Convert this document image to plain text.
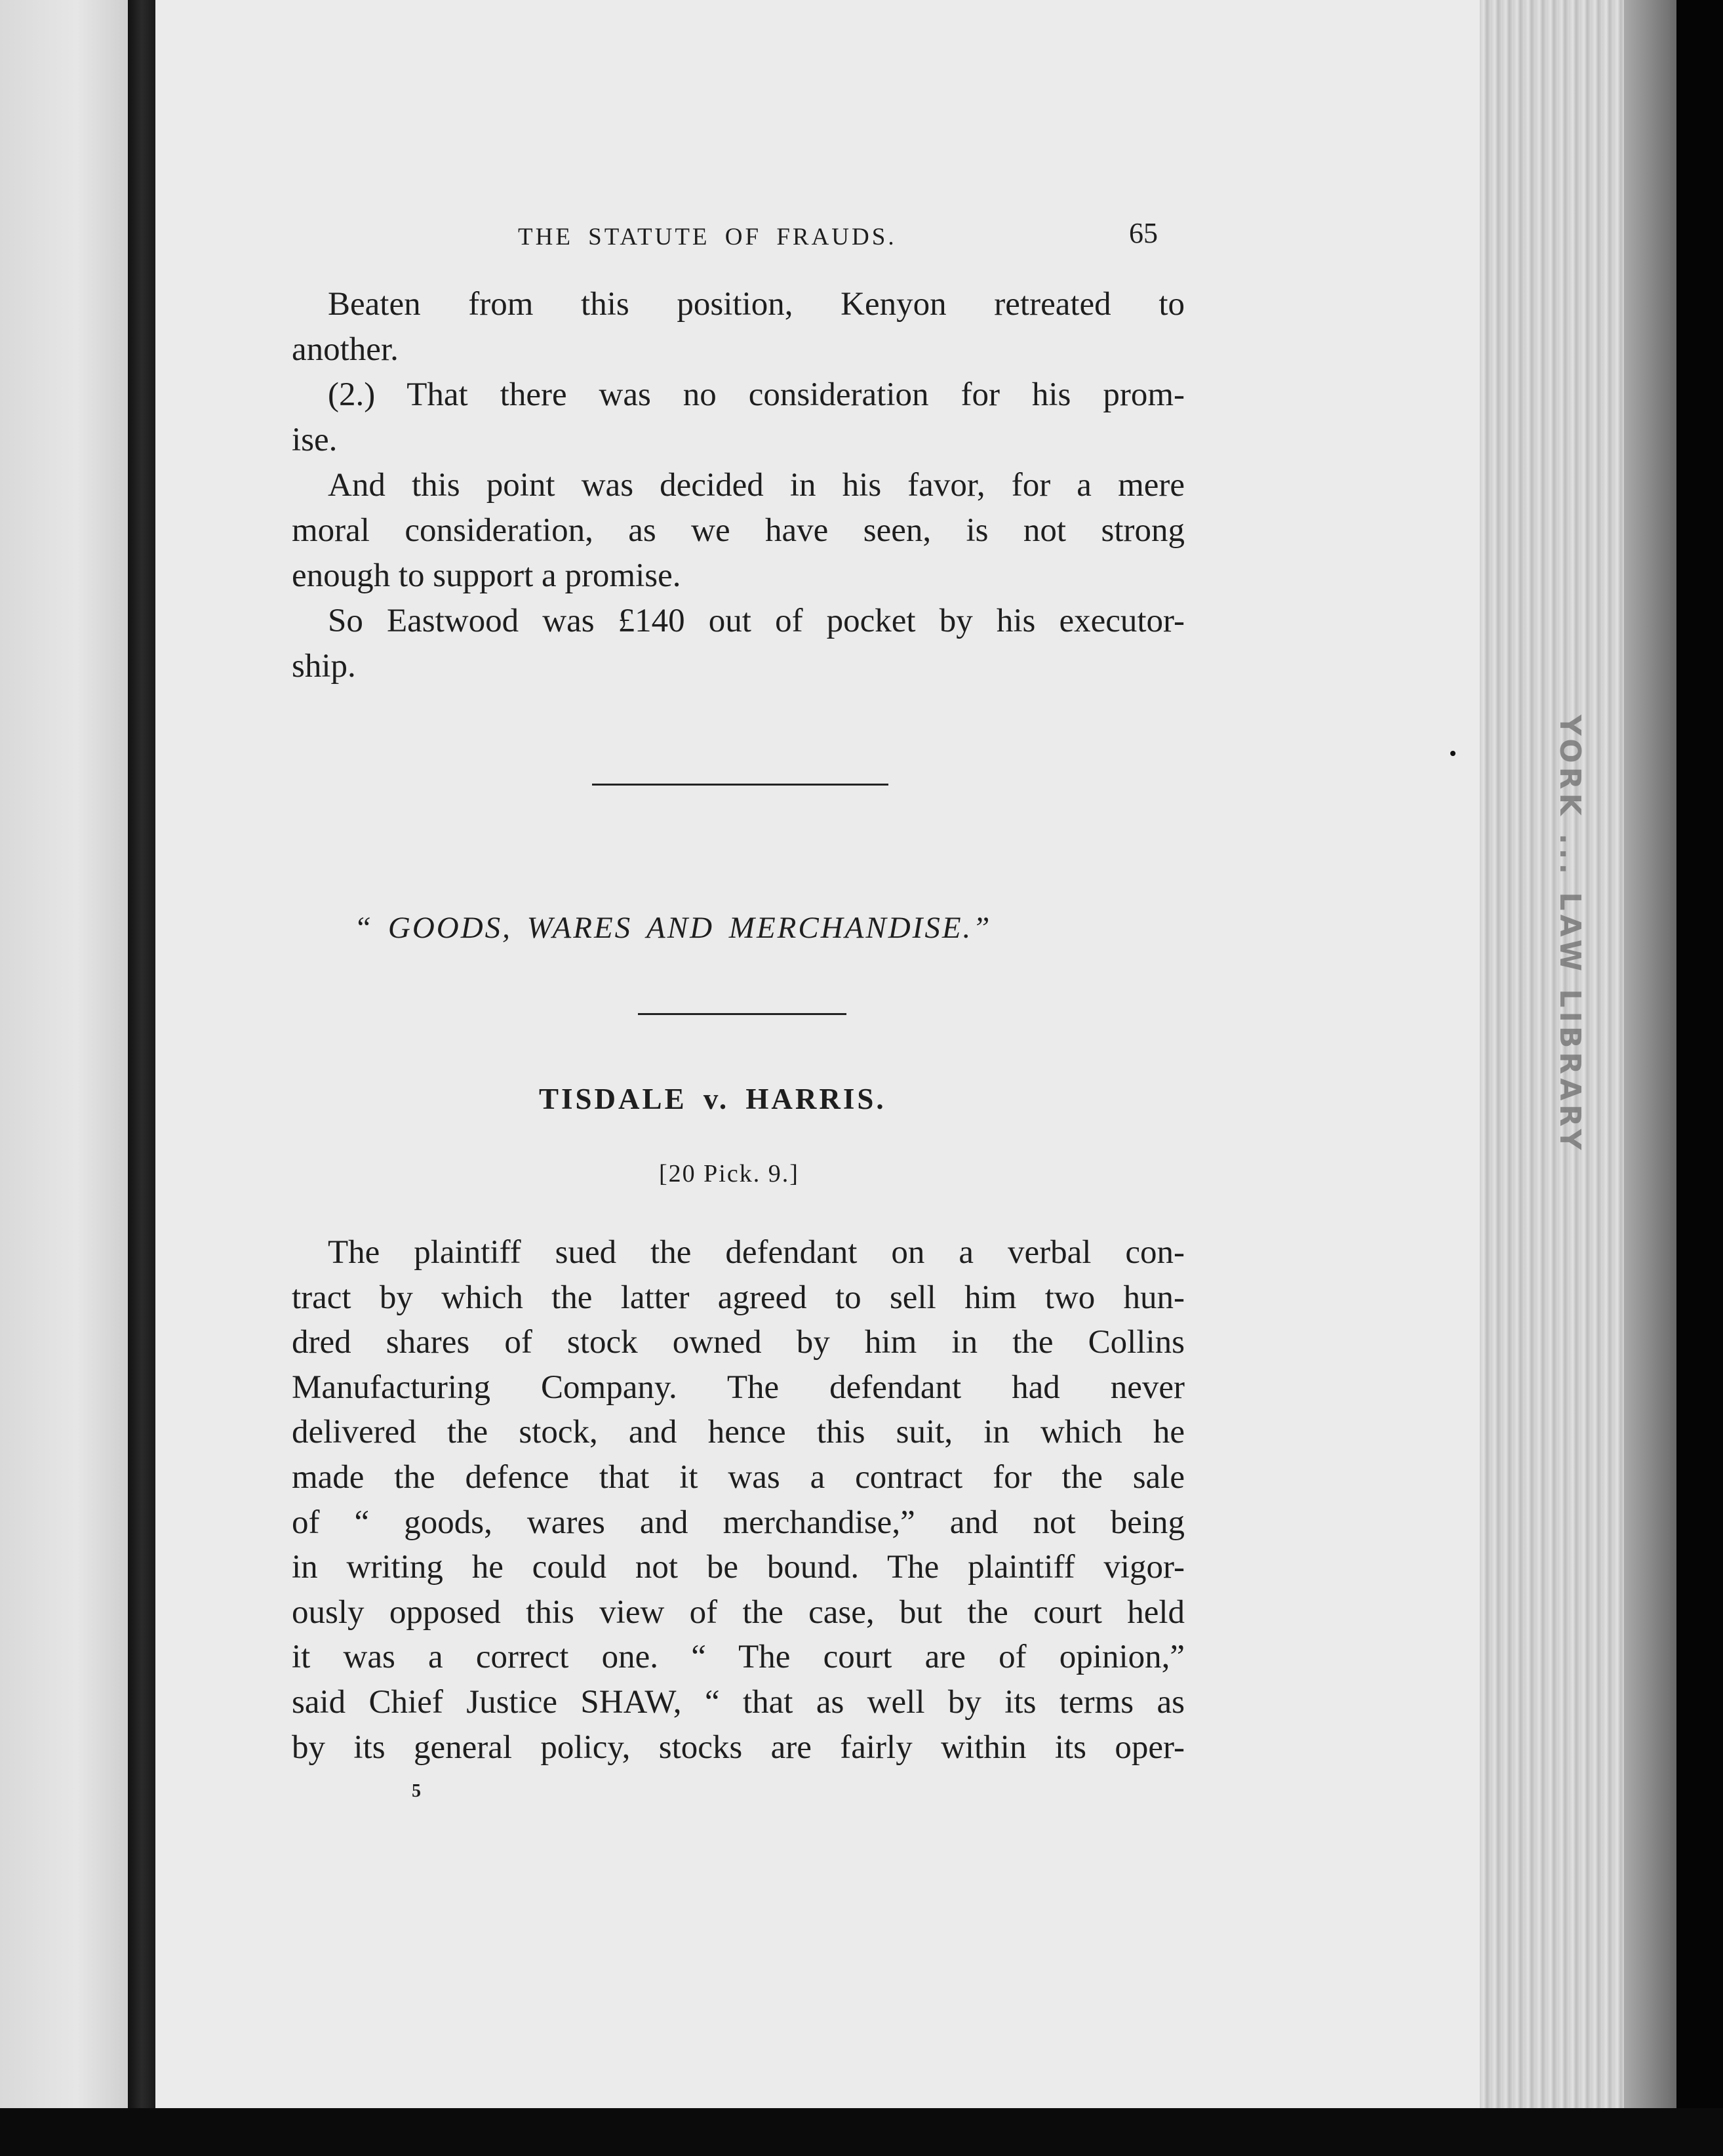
YORK ... LAW LIBRARY
THE STATUTE OF FRAUDS.	65
Beaten from this position, Kenyon retreated to
another.
(2.) That there was no consideration for his prom-
ise.
And this point was decided in his favor, for a mere
moral consideration, as we have seen, is not strong
enough to support a promise.
So Eastwood was £140 out of pocket by his executor-
ship.
“ GOODS, WARES AND MERCHANDISE.”
TISDALE v. HARRIS.
[20 Pick. 9.]
The plaintiff sued the defendant on a verbal con-
tract by which the latter agreed to sell him two hun-
dred shares of stock owned by him in the Collins
Manufacturing Company. The defendant had never
delivered the stock, and hence this suit, in which he
made the defence that it was a contract for the sale
of “ goods, wares and merchandise,” and not being
in writing he could not be bound. The plaintiff vigor-
ously opposed this view of the case, but the court held
it was a correct one. “ The court are of opinion,”
said Chief Justice SHAW, “ that as well by its terms as
by its general policy, stocks are fairly within its oper-
5
